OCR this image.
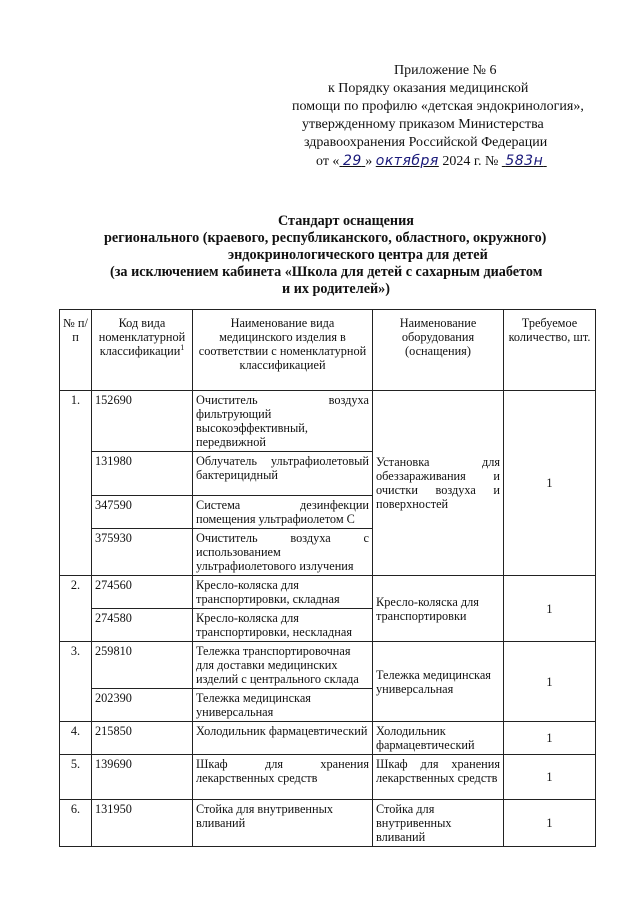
Приложение № 6
к Порядку оказания медицинской
помощи по профилю «детская эндокринология»,
утвержденному приказом Министерства
здравоохранения Российской Федерации
от « 29 » октября 2024 г. № 583н
Стандарт оснащения
регионального (краевого, республиканского, областного, окружного)
эндокринологического центра для детей
(за исключением кабинета «Школа для детей с сахарным диабетом
и их родителей»)
№ п/п	Код вида номенклатурной классификации$^1$	Наименование вида медицинского изделия в соответствии с номенклатурной классификацией	Наименование оборудования (оснащения)	Требуемое количество, шт.
1.	152690	Очиститель воздуха фильтрующий высокоэффективный, передвижной	Установка для обеззараживания и очистки воздуха и поверхностей	1
	131980	Облучатель ультрафиолетовый бактерицидный		
	347590	Система дезинфекции помещения ультрафиолетом С		
	375930	Очиститель воздуха с использованием ультрафиолетового излучения		
2.	274560	Кресло-коляска для транспортировки, складная	Кресло-коляска для транспортировки	1
	274580	Кресло-коляска для транспортировки, нескладная		
3.	259810	Тележка транспортировочная для доставки медицинских изделий с центрального склада	Тележка медицинская универсальная	1
	202390	Тележка медицинская универсальная		
4.	215850	Холодильник фармацевтический	Холодильник фармацевтический	1
5.	139690	Шкаф для хранения лекарственных средств	Шкаф для хранения лекарственных средств	1
6.	131950	Стойка для внутривенных вливаний	Стойка для внутривенных вливаний	1
